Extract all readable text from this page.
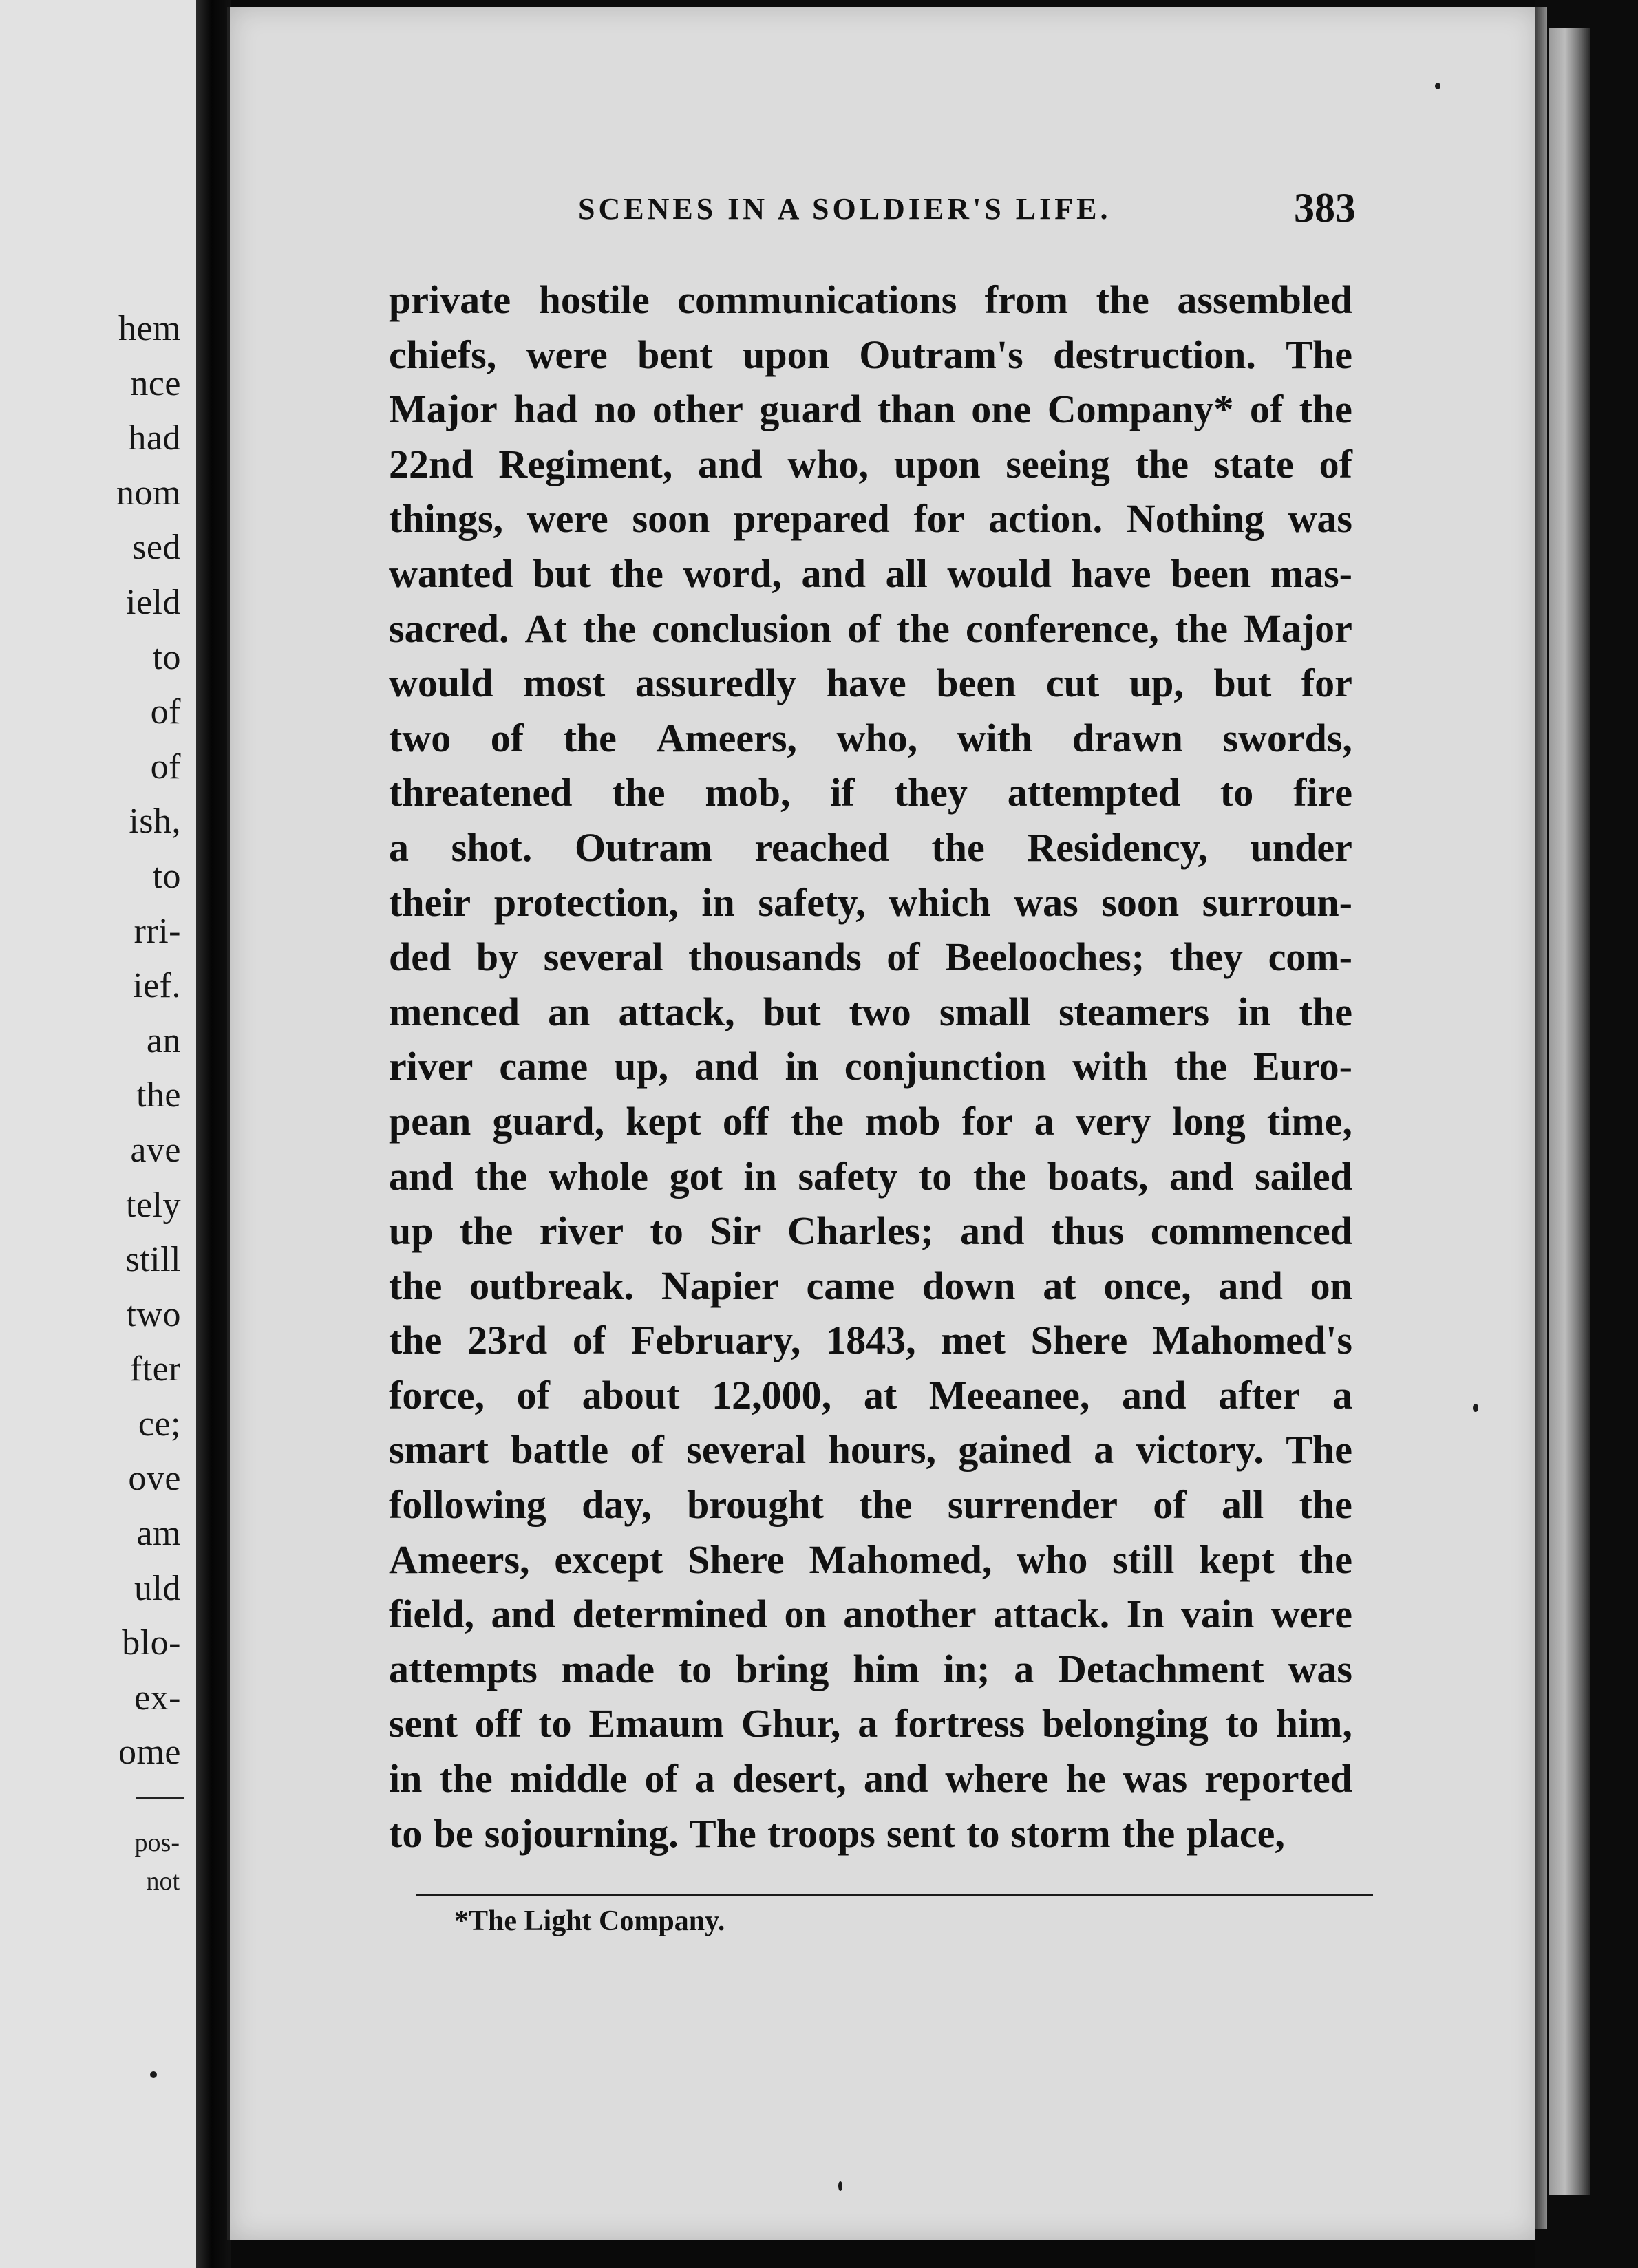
hem
nce
had
nom
sed
ield
to
of
of
ish,
to
rri-
ief.
an
the
ave
tely
still
two
fter
ce;
ove
am
uld
blo-
ex-
ome
pos-
not
SCENES IN A SOLDIER'S LIFE.	383
private hostile communications from the assembled
chiefs, were bent upon Outram's destruction. The
Major had no other guard than one Company* of the
22nd Regiment, and who, upon seeing the state of
things, were soon prepared for action. Nothing was
wanted but the word, and all would have been mas-
sacred. At the conclusion of the conference, the Major
would most assuredly have been cut up, but for
two of the Ameers, who, with drawn swords,
threatened the mob, if they attempted to fire
a shot. Outram reached the Residency, under
their protection, in safety, which was soon surroun-
ded by several thousands of Beelooches; they com-
menced an attack, but two small steamers in the
river came up, and in conjunction with the Euro-
pean guard, kept off the mob for a very long time,
and the whole got in safety to the boats, and sailed
up the river to Sir Charles; and thus commenced
the outbreak. Napier came down at once, and on
the 23rd of February, 1843, met Shere Mahomed's
force, of about 12,000, at Meeanee, and after a
smart battle of several hours, gained a victory. The
following day, brought the surrender of all the
Ameers, except Shere Mahomed, who still kept the
field, and determined on another attack. In vain were
attempts made to bring him in; a Detachment was
sent off to Emaum Ghur, a fortress belonging to him,
in the middle of a desert, and where he was reported
to be sojourning. The troops sent to storm the place,
*The Light Company.
